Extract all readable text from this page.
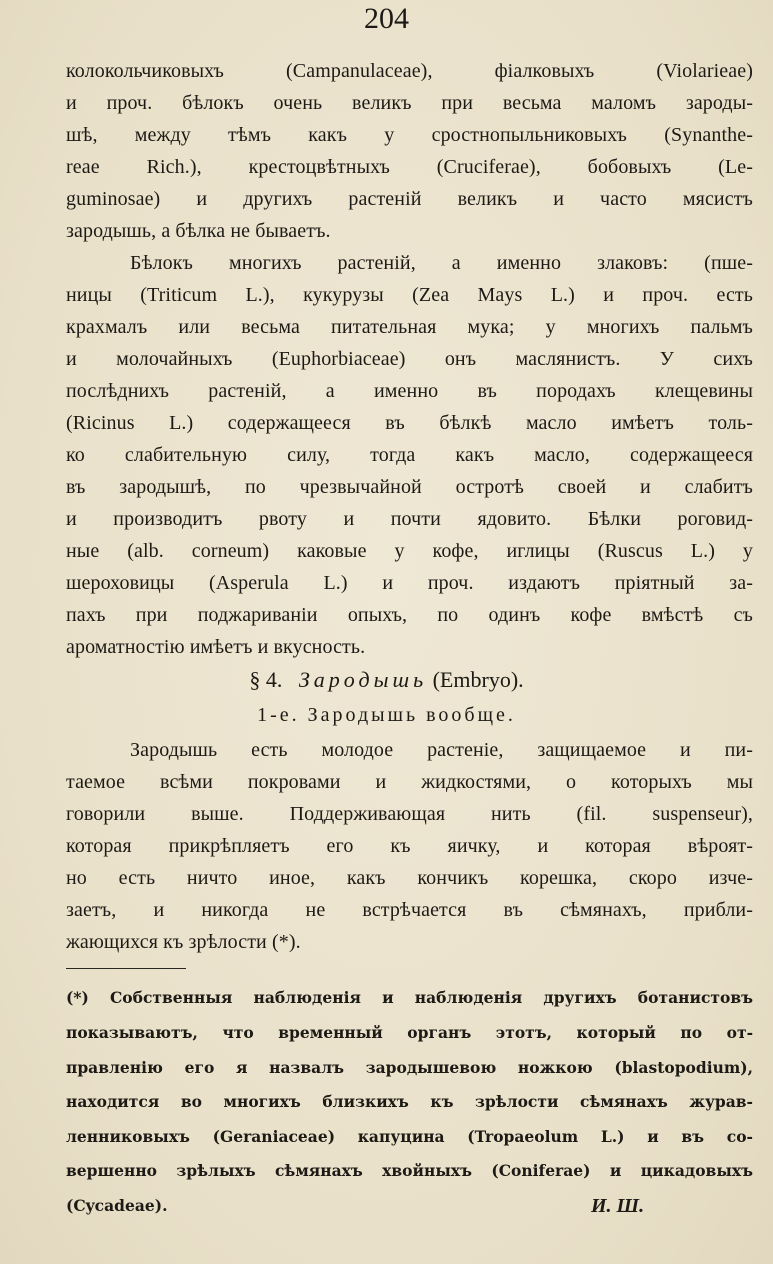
204
колокольчиковыхъ (Campanulaceae), фіалковыхъ (Violarieae)
и проч. бѣлокъ очень великъ при весьма маломъ зароды-
шѣ, между тѣмъ какъ у сростнопыльниковыхъ (Synanthe-
reae Rich.), крестоцвѣтныхъ (Cruciferae), бобовыхъ (Le-
guminosae) и другихъ растеній великъ и часто мясистъ
зародышь, а бѣлка не бываетъ.
Бѣлокъ многихъ растеній, а именно злаковъ: (пше-
ницы (Triticum L.), кукурузы (Zea Mays L.) и проч. есть
крахмалъ или весьма питательная мука; у многихъ пальмъ
и молочайныхъ (Euphorbiaceae) онъ маслянистъ. У сихъ
послѣднихъ растеній, а именно въ породахъ клещевины
(Ricinus L.) содержащееся въ бѣлкѣ масло имѣетъ толь-
ко слабительную силу, тогда какъ масло, содержащееся
въ зародышѣ, по чрезвычайной остротѣ своей и слабитъ
и производитъ рвоту и почти ядовито. Бѣлки роговид-
ные (alb. corneum) каковые у кофе, иглицы (Ruscus L.) у
шероховицы (Asperula L.) и проч. издаютъ пріятный за-
пахъ при поджариваніи опыхъ, по одинъ кофе вмѣстѣ съ
ароматностію имѣетъ и вкусность.
§ 4. Зародышь (Embryo).
1-е. Зародышь вообще.
Зародышь есть молодое растеніе, защищаемое и пи-
таемое всѣми покровами и жидкостями, о которыхъ мы
говорили выше. Поддерживающая нить (fil. suspenseur),
которая прикрѣпляетъ его къ яичку, и которая вѣроят-
но есть ничто иное, какъ кончикъ корешка, скоро изче-
заетъ, и никогда не встрѣчается въ сѣмянахъ, прибли-
жающихся къ зрѣлости (*).
(*) Собственныя наблюденія и наблюденія другихъ ботанистовъ
показываютъ, что временный органъ этотъ, который по от-
правленію его я назвалъ зародышевою ножкою (blastopodium),
находится во многихъ близкихъ къ зрѣлости сѣмянахъ журав-
ленниковыхъ (Geraniaceae) капуцина (Tropaeolum L.) и въ со-
вершенно зрѣлыхъ сѣмянахъ хвойныхъ (Coniferae) и цикадовыхъ
(Cycadeae).	И. Ш.
